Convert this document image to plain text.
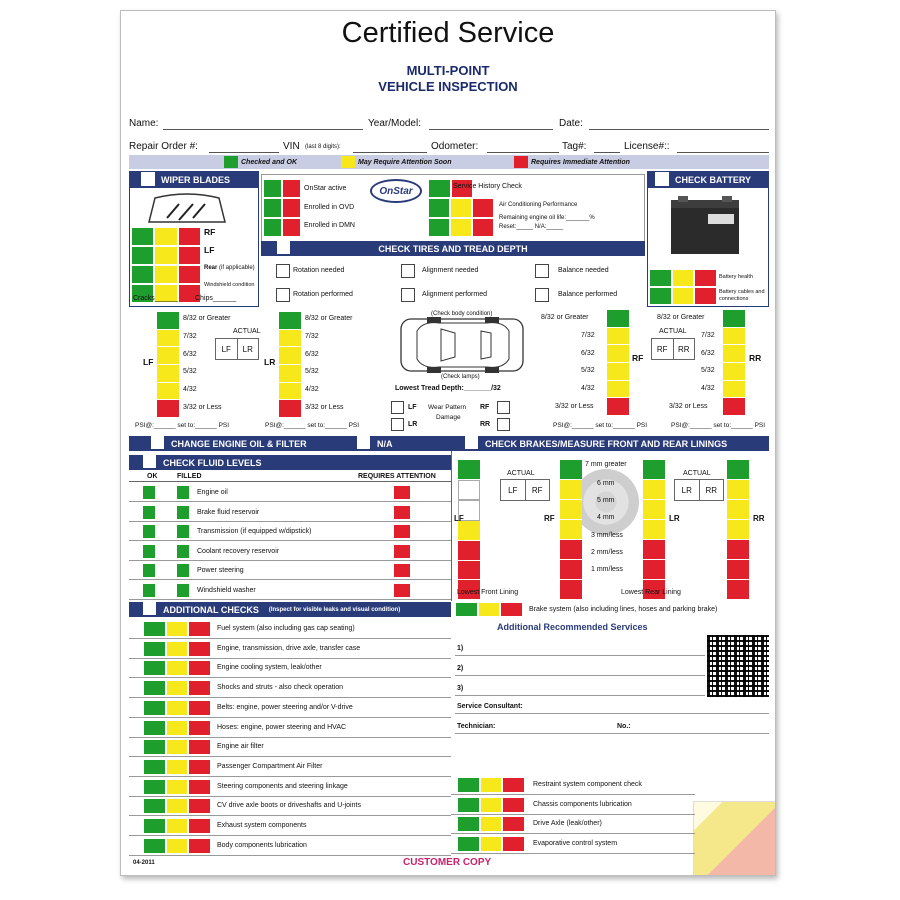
Certified Service
MULTI-POINT
VEHICLE INSPECTION
Name:	Year/Model:	Date:
Repair Order #:	VIN (last 8 digits):	Odometer:	Tag#:	License#::
Checked and OK	May Require Attention Soon	Requires Immediate Attention
WIPER BLADES
RF
LF
Rear (if applicable)
Windshield condition
Cracks______ Chips______
OnStar active
Enrolled in OVD
Enrolled in DMN
OnStar	Service History Check
Air Conditioning Performance
Remaining engine oil life:_______%
Reset:_____ N/A:_____
CHECK BATTERY
Battery health
Battery cables and connections
CHECK TIRES AND TREAD DEPTH
Rotation needed	Alignment needed	Balance needed
Rotation performed	Alignment performed	Balance performed
8/32 or Greater
7/32
6/32
5/32
4/32
3/32 or Less
LF
ACTUAL
LF	LR
PSI@:______ set to:______ PSI
8/32 or Greater
7/32
6/32
5/32
4/32
3/32 or Less
LR
PSI@:______ set to:______ PSI
(Check body condition)
(Check lamps)
Lowest Tread Depth:_______/32
LF
LR
Wear Pattern
Damage
RF
RR
8/32 or Greater
7/32
6/32
5/32
4/32
3/32 or Less
RF
PSI@:______ set to:______ PSI
8/32 or Greater
ACTUAL
RF	RR
7/32
6/32
5/32
4/32
3/32 or Less
RR
PSI@:______ set to:______ PSI
CHANGE ENGINE OIL & FILTER	N/A
CHECK FLUID LEVELS
CHECK BRAKES/MEASURE FRONT AND REAR LININGS
OK	FILLED	REQUIRES ATTENTION
LF
ACTUAL
LF	RF
RF
7 mm greater
6 mm
5 mm
4 mm
3 mm/less
2 mm/less
1 mm/less
LR
ACTUAL
LR	RR
RR
Lowest Front Lining	Lowest Rear Lining
Brake system (also including lines, hoses and parking brake)
ADDITIONAL CHECKS (Inspect for visible leaks and visual condition)
Additional Recommended Services
1)
2)
3)
Service Consultant:
Technician:	No.:
04-2011	CUSTOMER COPY
Engine oil
Brake fluid reservoir
Transmission (if equipped w/dipstick)
Coolant recovery reservoir
Power steering
Windshield washer
Fuel system (also including gas cap seating)
Engine, transmission, drive axle, transfer case
Engine cooling system, leak/other
Shocks and struts - also check operation
Belts: engine, power steering and/or V-drive
Hoses: engine, power steering and HVAC
Engine air filter
Passenger Compartment Air Filter
Steering components and steering linkage
CV drive axle boots or driveshafts and U-joints
Exhaust system components
Body components lubrication
Restraint system component check
Chassis components lubrication
Drive Axle (leak/other)
Evaporative control system
